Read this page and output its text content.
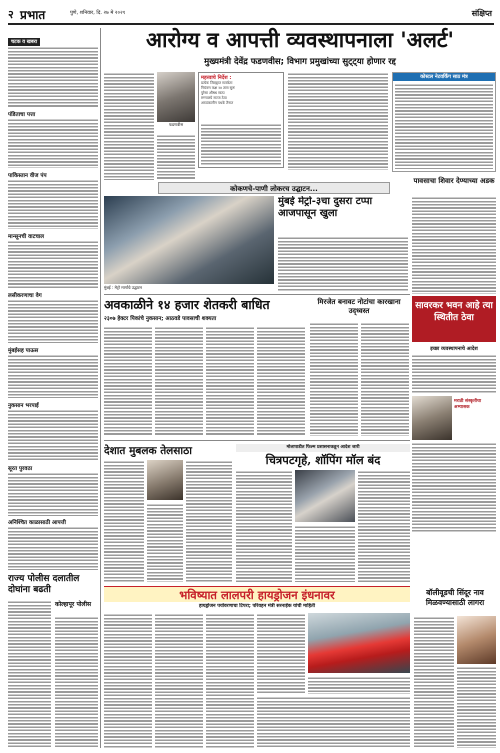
२ प्रभात	पुणे, शनिवार, दि. २७ मे २०२१	संक्षिप्त
चटक व खबरा
पंडिताचा पत्ता
पाकिस्तान वीज पंप
मान्सूनची वाटचाल
लसीकरणाचा वेग
मुंबईसह पाऊस
नुकसान भरपाई
सूरत पुरवठा
अनिश्चित काळासाठी आपत्ती
राज्य पोलीस दलातील दोघांना बढती
कोल्हापूर पोलीस
आरोग्य व आपत्ती व्यवस्थापनाला 'अलर्ट'
मुख्यमंत्री देवेंद्र फडणवीस; विभाग प्रमुखांच्या सुट्ट्या होणार रद्द
फडणवीस
महत्त्वाचे निर्देश :
प्रत्येक जिल्ह्यात सतर्कता
नियंत्रण कक्ष २४ तास सुरू
पुरेसा औषध साठा
रुग्णालये सज्ज ठेवा
आपत्कालीन पथके तैनात
कोस्टल नेटवर्किंग साठ मंत्र
कोकणचे-पाणी लोकरच उद्घाटन...
मुंबई : मेट्रो मार्गाचे उद्घाटन
मुंबई मेट्रो-३चा दुसरा टप्पा आजपासून खुला
पावसाचा शिवार देण्याच्या अडक
सावरकर भवन आहे त्या स्थितीत ठेवा
इच्छा व्यवस्थापनाचे आदेश
मराठी संस्कृतीचा अभ्यासक
अवकाळीने १४ हजार शेतकरी बाधित
२३०७ हेक्टर पिकांचे नुकसान; आठवडे पावसाची शक्यता
मिरजेत बनावट नोटांचा कारखाना उद्ध्वस्त
देशात मुबलक तेलसाठा	मोलापाडीत फिल्म प्रशासनाकडून आदेश जारी
चित्रपटगृहे, शॉपिंग मॉल बंद
भविष्यात लालपरी हायड्रोजन इंधनावर
हायड्रोजन पर्यावरणाचा टिपरा; परिवहन मंत्री सरनाईक यांची माहिती
बॉलीवूडची सिंदूर नाव मिळवण्यासाठी लागरा
